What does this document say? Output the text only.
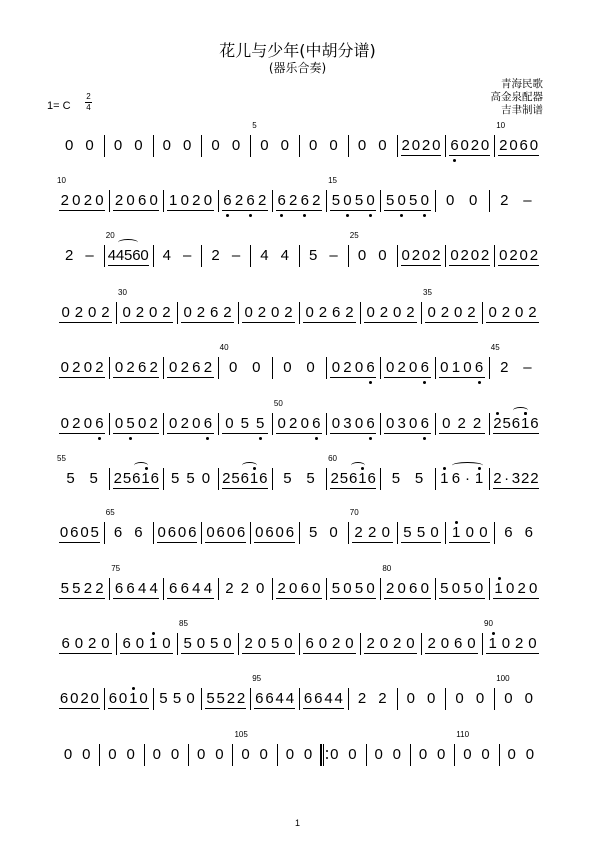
花儿与少年(中胡分谱)
(器乐合奏)
青海民歌
高金泉配器
吉聿制谱
1= C
2
4
0 0 0 0 0 0 0 0
5
0 0 0 0 0 0 2 0 2 0 6 0 2 0
10
2 0 6 0
10
2 0 2 0 2 0 6 0 1 0 2 0 6 2 6 2 6 2 6 2
15
5 0 5 0 5 0 5 0 0 0 2 –
2 –
20
4 4 5 6 0 4 – 2 – 4 4 5 –
25
0 0 0 2 0 2 0 2 0 2 0 2 0 2
0 2 0 2
30
0 2 0 2 0 2 6 2 0 2 0 2 0 2 6 2 0 2 0 2
35
0 2 0 2 0 2 0 2
0 2 0 2 0 2 6 2 0 2 6 2
40
0 0 0 0 0 2 0 6 0 2 0 6 0 1 0 6
45
2 –
0 2 0 6 0 5 0 2 0 2 0 6 0 5 5
50
0 2 0 6 0 3 0 6 0 3 0 6 0 2 2 2 5 6 1 6
55
5 5 2 5 6 1 6 5 5 0 2 5 6 1 6 5 5
60
2 5 6 1 6 5 5 1 6 · 1 2 · 3 2 2
0 6 0 5
65
6 6 0 6 0 6 0 6 0 6 0 6 0 6 5 0
70
2 2 0 5 5 0 1 0 0 6 6
5 5 2 2
75
6 6 4 4 6 6 4 4 2 2 0 2 0 6 0 5 0 5 0
80
2 0 6 0 5 0 5 0 1 0 2 0
6 0 2 0 6 0 1 0
85
5 0 5 0 2 0 5 0 6 0 2 0 2 0 2 0 2 0 6 0
90
1 0 2 0
6 0 2 0 6 0 1 0 5 5 0 5 5 2 2
95
6 6 4 4 6 6 4 4 2 2 0 0 0 0
100
0 0
0 0 0 0 0 0 0 0
105
0 0 0 0 0 0 0 0 0 0
110
0 0 0 0
1
